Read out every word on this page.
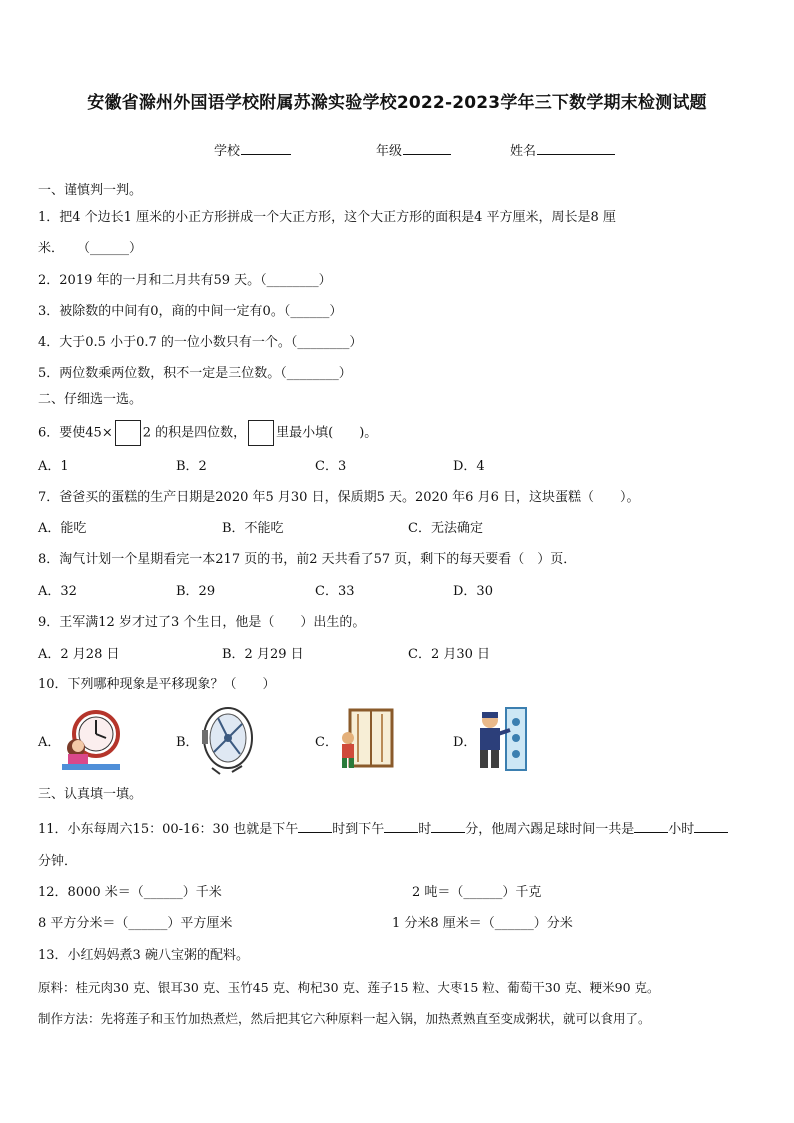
安徽省滁州外国语学校附属苏滁实验学校2022-2023学年三下数学期末检测试题
学校	年级	姓名
一、谨慎判一判。
1．把4 个边长1 厘米的小正方形拼成一个大正方形，这个大正方形的面积是4 平方厘米，周长是8 厘
米．　　（______）
2．2019 年的一月和二月共有59 天。（________）
3．被除数的中间有0，商的中间一定有0。（______）
4．大于0.5 小于0.7 的一位小数只有一个。（________）
5．两位数乘两位数，积不一定是三位数。（________）
二、仔细选一选。
6．要使45× 2 的积是四位数， 里最小填(　　)。
A．1	B．2	C．3	D．4
7．爸爸买的蛋糕的生产日期是2020 年5 月30 日，保质期5 天。2020 年6 月6 日，这块蛋糕（　　）。
A．能吃	B．不能吃	C．无法确定
8．淘气计划一个星期看完一本217 页的书，前2 天共看了57 页，剩下的每天要看（　）页．
A．32	B．29	C．33	D．30
9．王军满12 岁才过了3 个生日，他是（　　）出生的。
A．2 月28 日	B．2 月29 日	C．2 月30 日
10．下列哪种现象是平移现象？（　　）
A．	B．	C．	D．
三、认真填一填。
11．小东每周六15：00-16：30 也就是下午	时到下午	时	分，他周六踢足球时间一共是	小时
分钟．
12．8000 米＝（______）千米	2 吨＝（______）千克
8 平方分米＝（______）平方厘米	1 分米8 厘米＝（______）分米
13．小红妈妈煮3 碗八宝粥的配料。
原料：桂元肉30 克、银耳30 克、玉竹45 克、枸杞30 克、莲子15 粒、大枣15 粒、葡萄干30 克、粳米90 克。
制作方法：先将莲子和玉竹加热煮烂，然后把其它六种原料一起入锅，加热煮熟直至变成粥状，就可以食用了。
